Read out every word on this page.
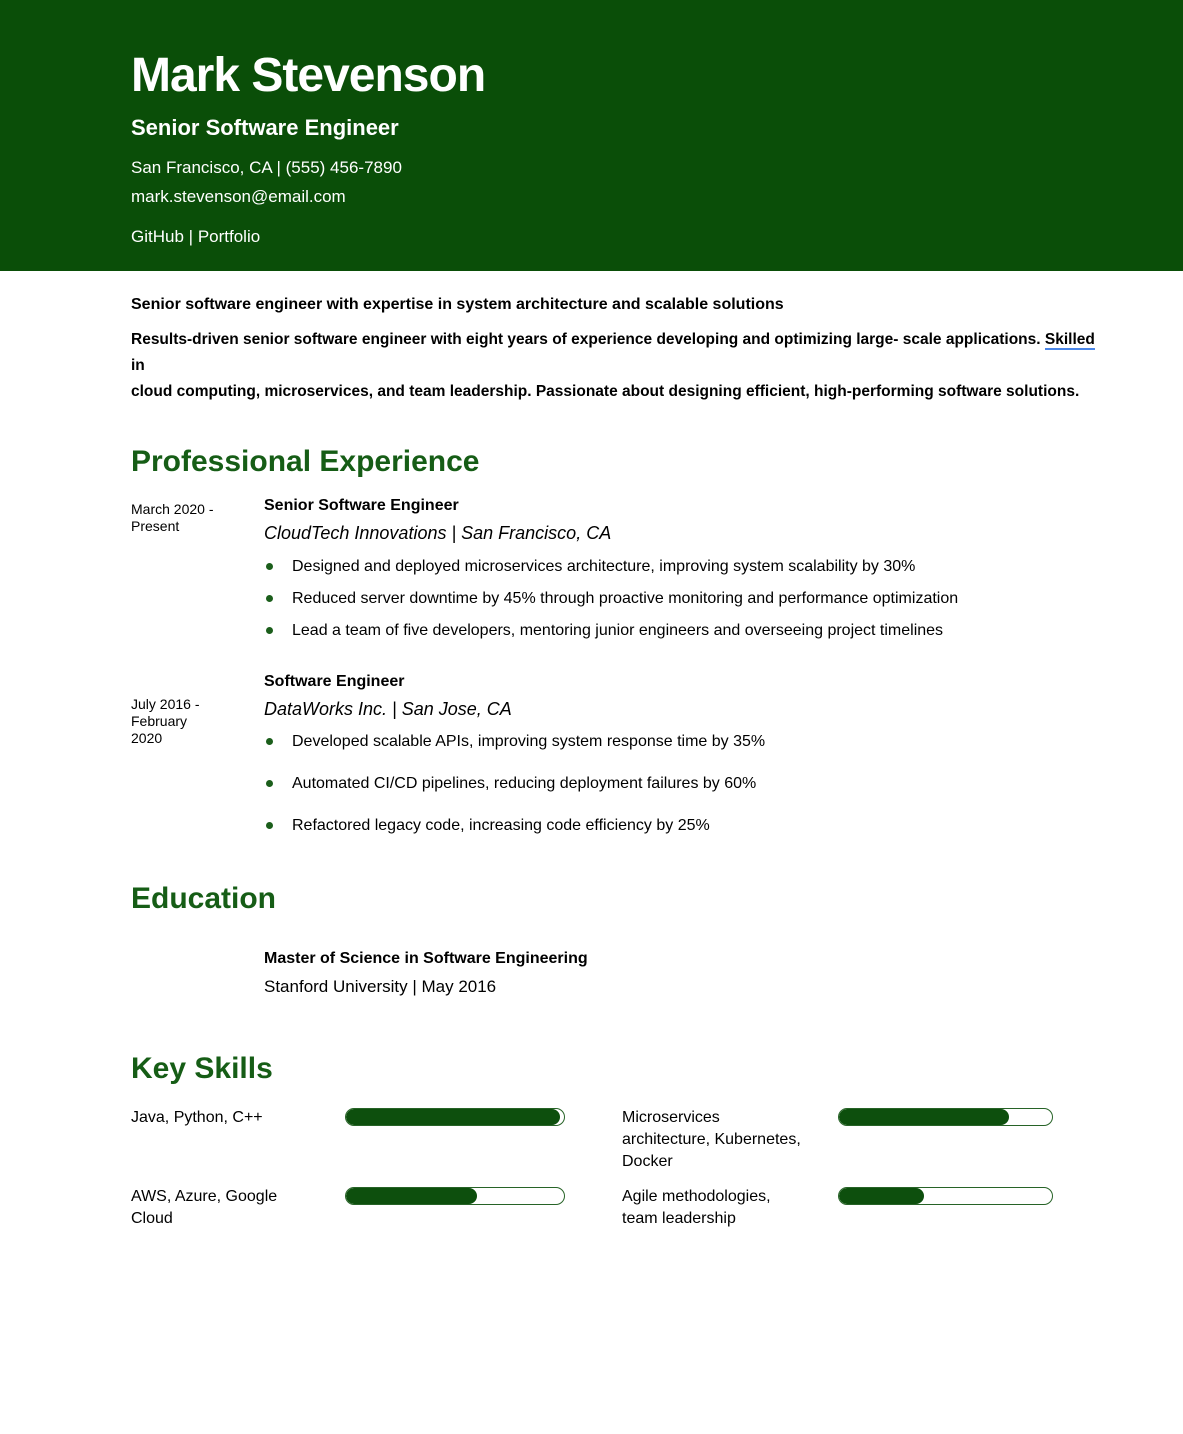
Mark Stevenson
Senior Software Engineer
San Francisco, CA | (555) 456-7890
mark.stevenson@email.com
GitHub | Portfolio
Senior software engineer with expertise in system architecture and scalable solutions
Results-driven senior software engineer with eight years of experience developing and optimizing large- scale applications. Skilled in
cloud computing, microservices, and team leadership. Passionate about designing efficient, high-performing software solutions.
Professional Experience
March 2020 - Present
Senior Software Engineer
CloudTech Innovations | San Francisco, CA
Designed and deployed microservices architecture, improving system scalability by 30%
Reduced server downtime by 45% through proactive monitoring and performance optimization
Lead a team of five developers, mentoring junior engineers and overseeing project timelines
July 2016 - February 2020
Software Engineer
DataWorks Inc. | San Jose, CA
Developed scalable APIs, improving system response time by 35%
Automated CI/CD pipelines, reducing deployment failures by 60%
Refactored legacy code, increasing code efficiency by 25%
Education
Master of Science in Software Engineering
Stanford University | May 2016
Key Skills
Java, Python, C++	Microservices architecture, Kubernetes, Docker
AWS, Azure, Google Cloud
Agile methodologies, team leadership
